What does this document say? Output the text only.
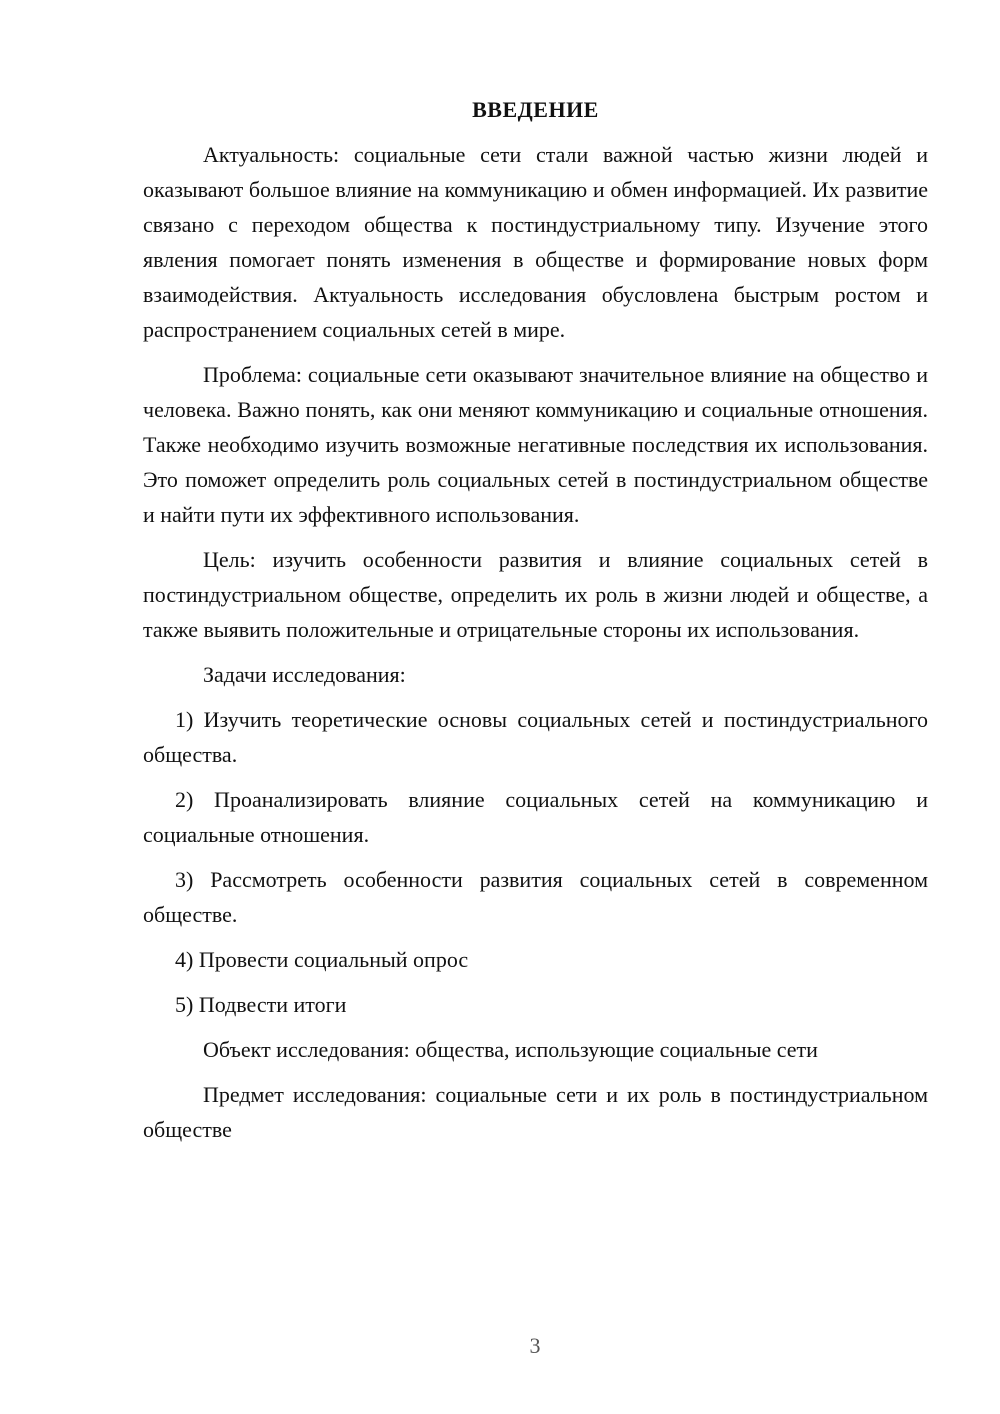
ВВЕДЕНИЕ

Актуальность: социальные сети стали важной частью жизни людей и оказывают большое влияние на коммуникацию и обмен информацией. Их развитие связано с переходом общества к постиндустриальному типу. Изучение этого явления помогает понять изменения в обществе и формирование новых форм взаимодействия. Актуальность исследования обусловлена быстрым ростом и распространением социальных сетей в мире.

Проблема: социальные сети оказывают значительное влияние на общество и человека. Важно понять, как они меняют коммуникацию и социальные отношения. Также необходимо изучить возможные негативные последствия их использования. Это поможет определить роль социальных сетей в постиндустриальном обществе и найти пути их эффективного использования.

Цель: изучить особенности развития и влияние социальных сетей в постиндустриальном обществе, определить их роль в жизни людей и обществе, а также выявить положительные и отрицательные стороны их использования.

Задачи исследования:

1) Изучить теоретические основы социальных сетей и постиндустриального общества.

2) Проанализировать влияние социальных сетей на коммуникацию и социальные отношения.

3) Рассмотреть особенности развития социальных сетей в современном обществе.

4) Провести социальный опрос

5) Подвести итоги

Объект исследования: общества, использующие социальные сети

Предмет исследования: социальные сети и их роль в постиндустриальном обществе

3
